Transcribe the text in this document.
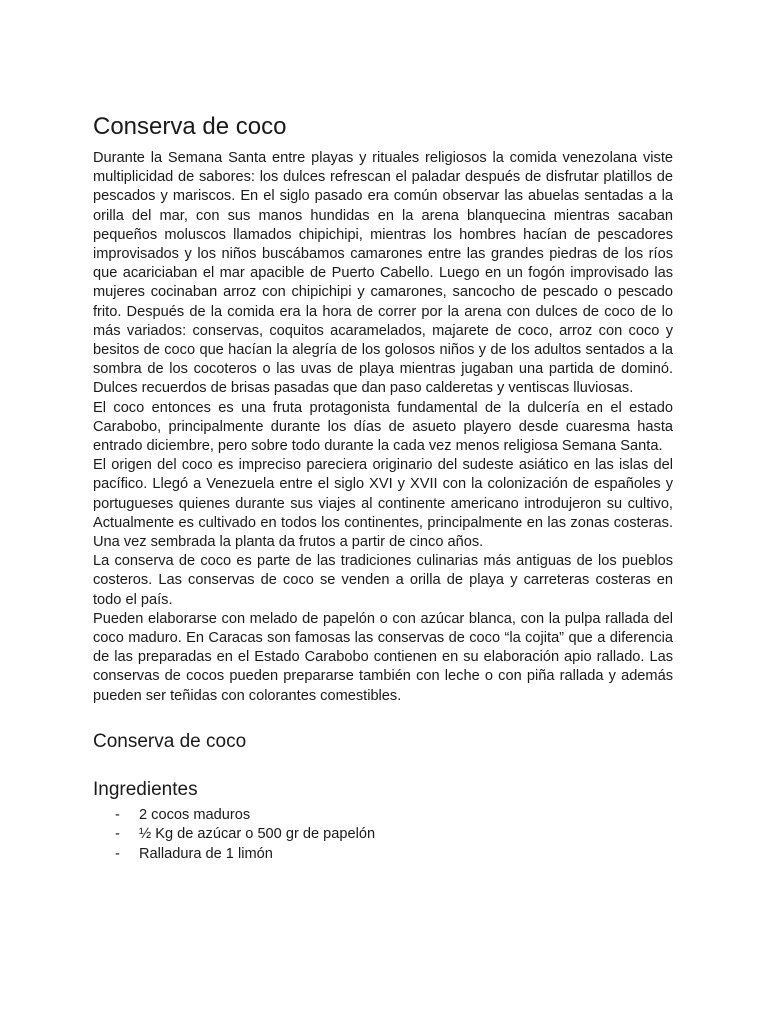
Conserva de coco

Durante la Semana Santa entre playas y rituales religiosos la comida venezolana viste multiplicidad de sabores: los dulces refrescan el paladar después de disfrutar platillos de pescados y mariscos. En el siglo pasado era común observar las abuelas sentadas a la orilla del mar, con sus manos hundidas en la arena blanquecina mientras sacaban pequeños moluscos llamados chipichipi, mientras los hombres hacían de pescadores improvisados y los niños buscábamos camarones entre las grandes piedras de los ríos que acariciaban el mar apacible de Puerto Cabello. Luego en un fogón improvisado las mujeres cocinaban arroz con chipichipi y camarones, sancocho de pescado o pescado frito. Después de la comida era la hora de correr por la arena con dulces de coco de lo más variados: conservas, coquitos acaramelados, majarete de coco, arroz con coco y besitos de coco que hacían la alegría de los golosos niños y de los adultos sentados a la sombra de los cocoteros o las uvas de playa mientras jugaban una partida de dominó. Dulces recuerdos de brisas pasadas que dan paso calderetas y ventiscas lluviosas.

El coco entonces es una fruta protagonista fundamental de la dulcería en el estado Carabobo, principalmente durante los días de asueto playero desde cuaresma hasta entrado diciembre, pero sobre todo durante la cada vez menos religiosa Semana Santa.

El origen del coco es impreciso pareciera originario del sudeste asiático en las islas del pacífico. Llegó a Venezuela entre el siglo XVI y XVII con la colonización de españoles y portugueses quienes durante sus viajes al continente americano introdujeron su cultivo, Actualmente es cultivado en todos los continentes, principalmente en las zonas costeras. Una vez sembrada la planta da frutos a partir de cinco años.

La conserva de coco es parte de las tradiciones culinarias más antiguas de los pueblos costeros. Las conservas de coco se venden a orilla de playa y carreteras costeras en todo el país.

Pueden elaborarse con melado de papelón o con azúcar blanca, con la pulpa rallada del coco maduro. En Caracas son famosas las conservas de coco “la cojita” que a diferencia de las preparadas en el Estado Carabobo contienen en su elaboración apio rallado. Las conservas de cocos pueden prepararse también con leche o con piña rallada y además pueden ser teñidas con colorantes comestibles.

Conserva de coco
Ingredientes
- 2 cocos maduros
- ½ Kg de azúcar o 500 gr de papelón
- Ralladura de 1 limón
